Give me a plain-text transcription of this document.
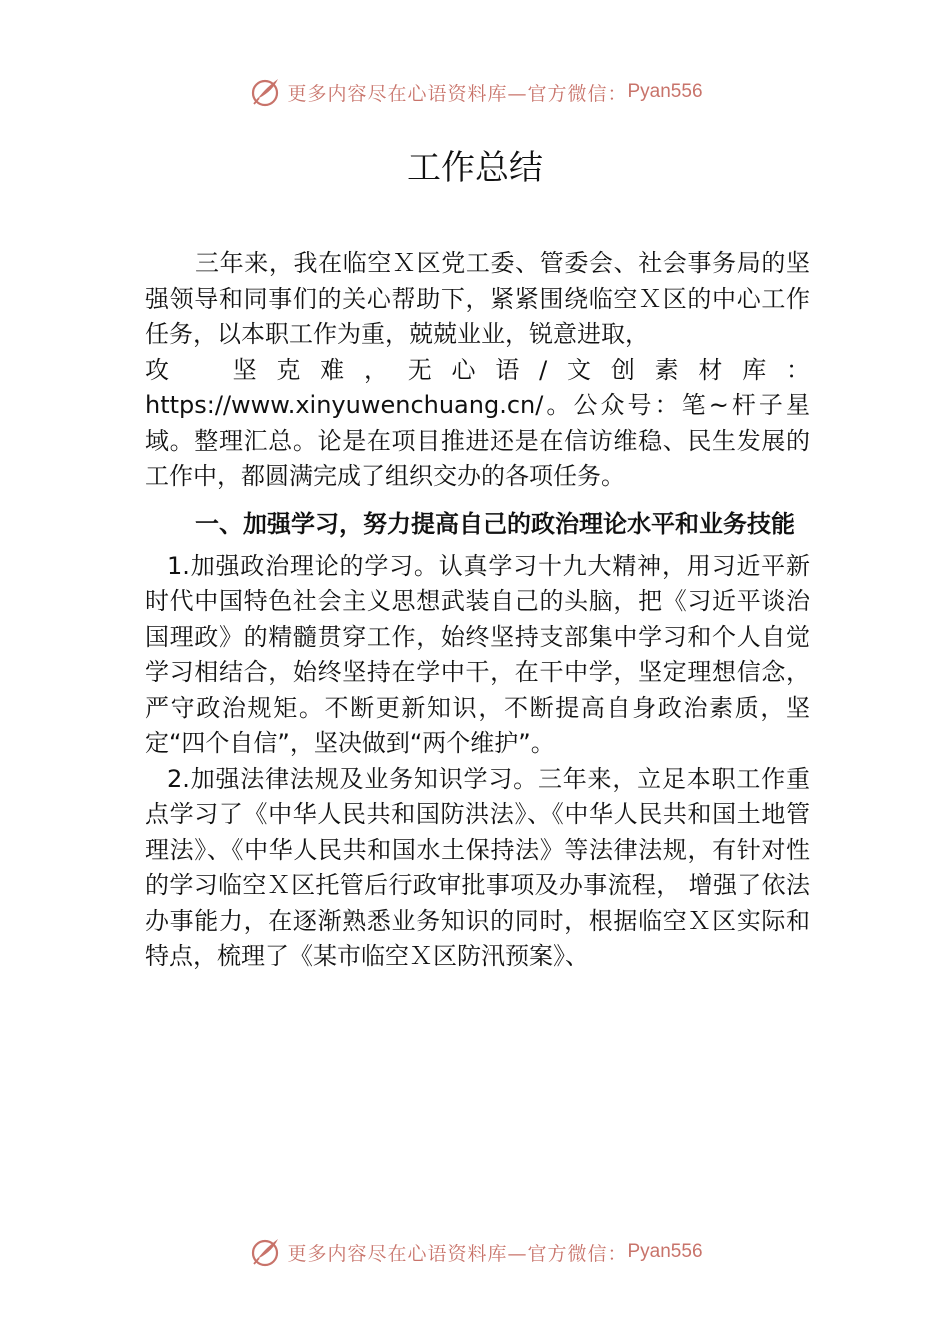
更多内容尽在心语资料库—官方微信： Pyan556
工作总结

三年来，我在临空Ｘ区党工委、管委会、社会事务局的坚强领导和同事们的关心帮助下，紧紧围绕临空Ｘ区的中心工作任务，以本职工作为重，兢兢业业，锐意进取，

攻　坚克难，无心语/文创素材库：

https://www.xinyuwenchuang.cn/。公众号：笔~杆子星域。整理汇总。论是在项目推进还是在信访维稳、民生发展的工作中，都圆满完成了组织交办的各项任务。

一、加强学习，努力提高自己的政治理论水平和业务技能

1.加强政治理论的学习。认真学习十九大精神，用习近平新时代中国特色社会主义思想武装自己的头脑，把《习近平谈治国理政》的精髓贯穿工作，始终坚持支部集中学习和个人自觉学习相结合，始终坚持在学中干，在干中学，坚定理想信念，严守政治规矩。不断更新知识，不断提高自身政治素质，坚定“四个自信”，坚决做到“两个维护”。

2.加强法律法规及业务知识学习。三年来，立足本职工作重点学习了《中华人民共和国防洪法》、《中华人民共和国土地管理法》、《中华人民共和国水土保持法》等法律法规，有针对性的学习临空Ｘ区托管后行政审批事项及办事流程， 增强了依法办事能力，在逐渐熟悉业务知识的同时，根据临空Ｘ区实际和特点，梳理了《某市临空Ｘ区防汛预案》、

更多内容尽在心语资料库—官方微信： Pyan556
